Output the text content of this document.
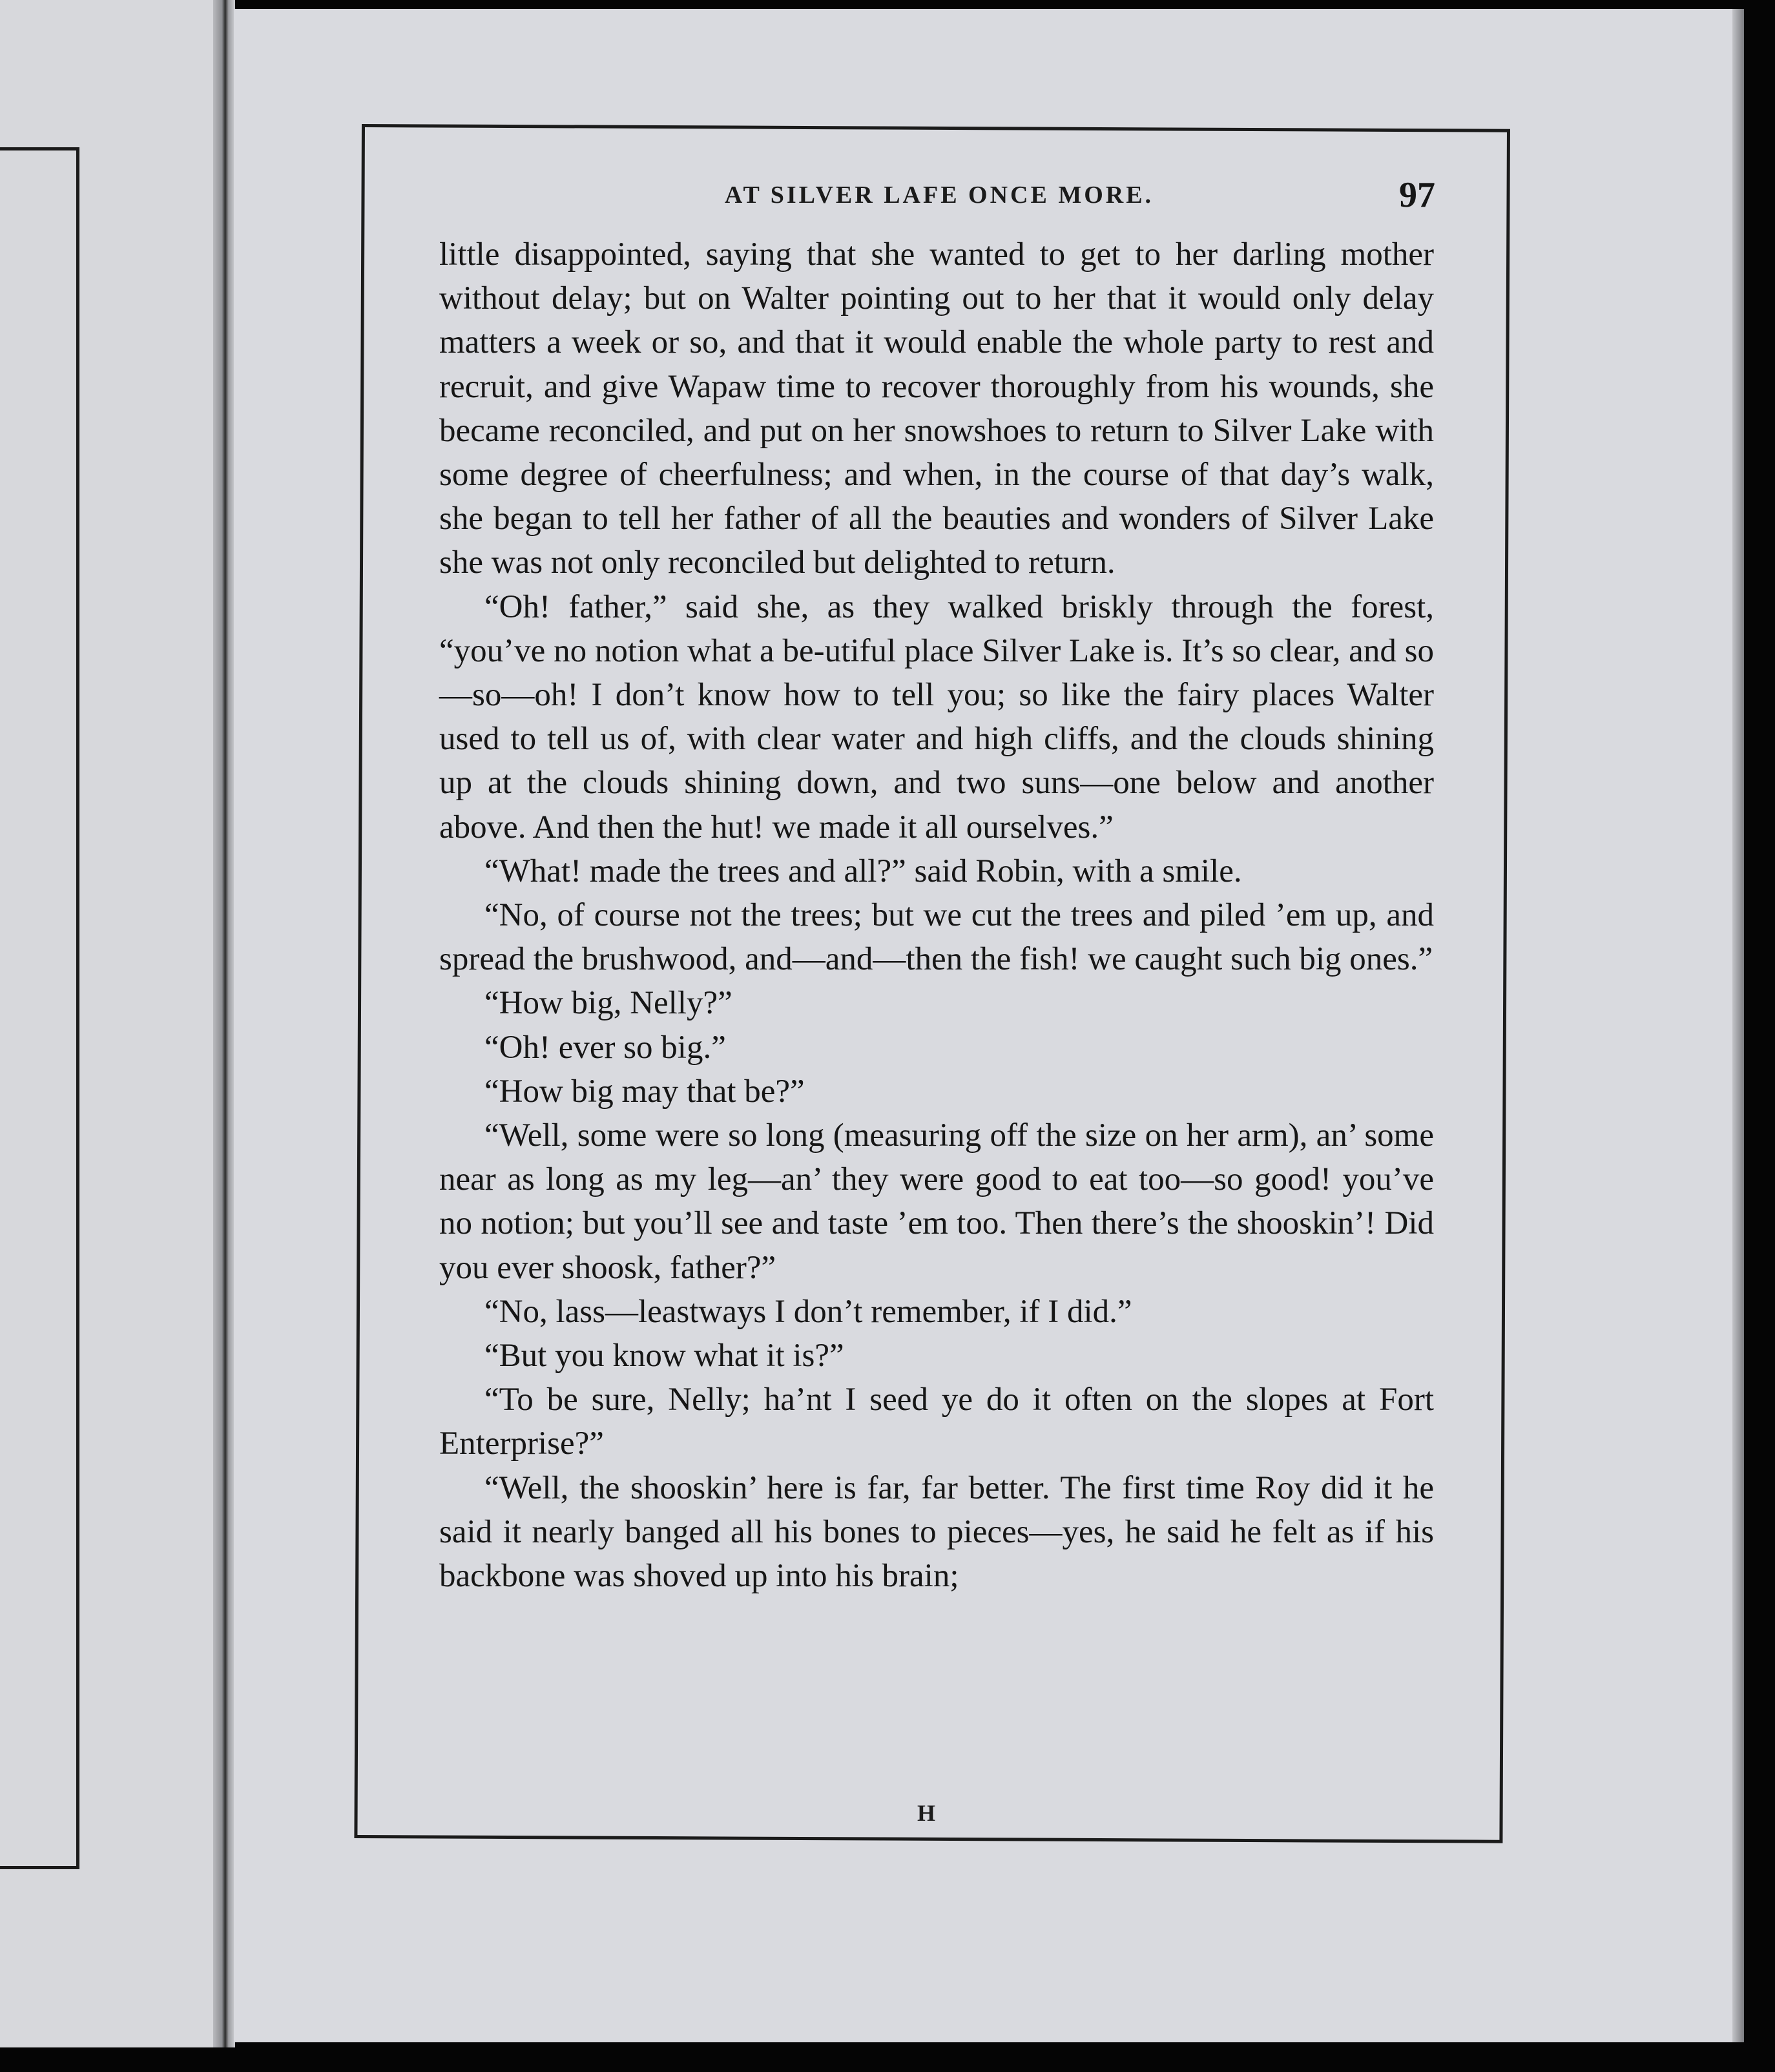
AT SILVER LAFE ONCE MORE.	97

little disappointed, saying that she wanted to get to her darling mother without delay; but on Walter pointing out to her that it would only delay matters a week or so, and that it would enable the whole party to rest and recruit, and give Wapaw time to recover thoroughly from his wounds, she became reconciled, and put on her snowshoes to return to Silver Lake with some degree of cheerfulness; and when, in the course of that day’s walk, she began to tell her father of all the beauties and wonders of Silver Lake she was not only reconciled but delighted to return.

“Oh! father,” said she, as they walked briskly through the forest, “you’ve no notion what a be-utiful place Silver Lake is. It’s so clear, and so—so—oh! I don’t know how to tell you; so like the fairy places Walter used to tell us of, with clear water and high cliffs, and the clouds shining up at the clouds shining down, and two suns—one below and another above. And then the hut! we made it all ourselves.”

“What! made the trees and all?” said Robin, with a smile.

“No, of course not the trees; but we cut the trees and piled ’em up, and spread the brushwood, and—and—then the fish! we caught such big ones.”

“How big, Nelly?”

“Oh! ever so big.”

“How big may that be?”

“Well, some were so long (measuring off the size on her arm), an’ some near as long as my leg—an’ they were good to eat too—so good! you’ve no notion; but you’ll see and taste ’em too. Then there’s the shooskin’! Did you ever shoosk, father?”

“No, lass—leastways I don’t remember, if I did.”

“But you know what it is?”

“To be sure, Nelly; ha’nt I seed ye do it often on the slopes at Fort Enterprise?”

“Well, the shooskin’ here is far, far better. The first time Roy did it he said it nearly banged all his bones to pieces—yes, he said he felt as if his backbone was shoved up into his brain;

H
